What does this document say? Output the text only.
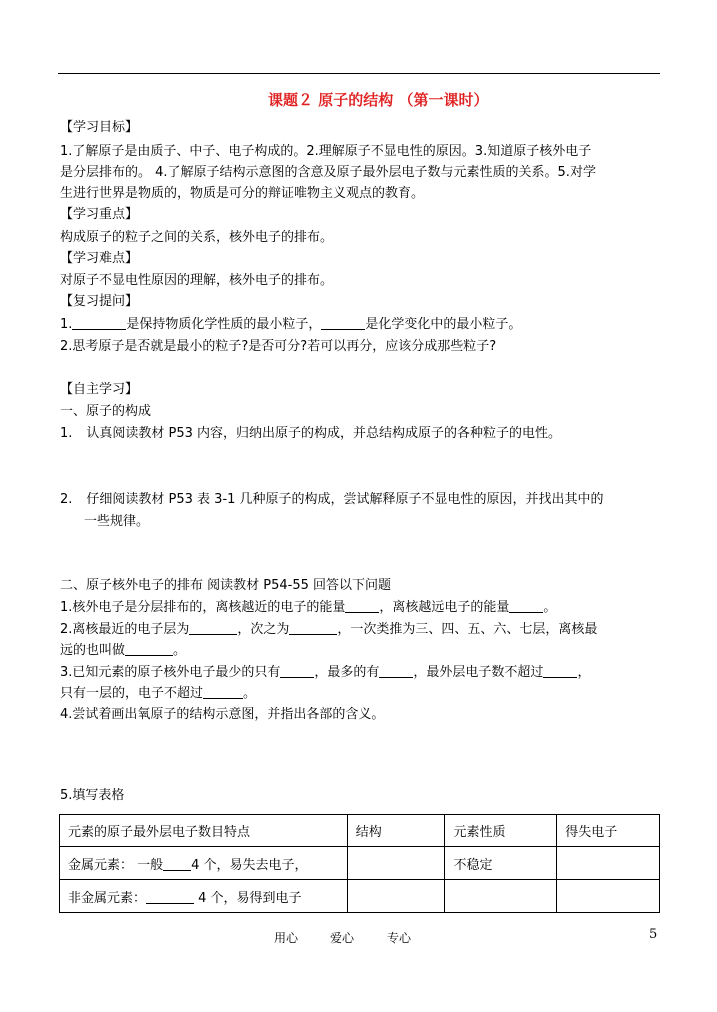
课题２ 原子的结构 （第一课时）
【学习目标】
1.了解原子是由质子、中子、电子构成的。2.理解原子不显电性的原因。3.知道原子核外电子
是分层排布的。 4.了解原子结构示意图的含意及原子最外层电子数与元素性质的关系。5.对学
生进行世界是物质的，物质是可分的辩证唯物主义观点的教育。
【学习重点】
构成原子的粒子之间的关系，核外电子的排布。
【学习难点】
对原子不显电性原因的理解，核外电子的排布。
【复习提问】
1.	是保持物质化学性质的最小粒子，	是化学变化中的最小粒子。
2.思考原子是否就是最小的粒子?是否可分?若可以再分，应该分成那些粒子?
【自主学习】
一、原子的构成
1. 认真阅读教材 P53 内容，归纳出原子的构成，并总结构成原子的各种粒子的电性。
2. 仔细阅读教材 P53 表 3-1 几种原子的构成，尝试解释原子不显电性的原因，并找出其中的
一些规律。
二、原子核外电子的排布 阅读教材 P54-55 回答以下问题
1.核外电子是分层排布的，离核越近的电子的能量	，离核越远电子的能量	。
2.离核最近的电子层为	，次之为	，一次类推为三、四、五、六、七层，离核最
远的也叫做	。
3.已知元素的原子核外电子最少的只有	，最多的有	，最外层电子数不超过	，
只有一层的，电子不超过	。
4.尝试着画出氧原子的结构示意图，并指出各部的含义。
5.填写表格
元素的原子最外层电子数目特点	结构	元素性质	得失电子
金属元素： 一般 4 个，易失去电子，		不稳定	
非金属元素： 4 个，易得到电子			
用心	爱心	专心	5
